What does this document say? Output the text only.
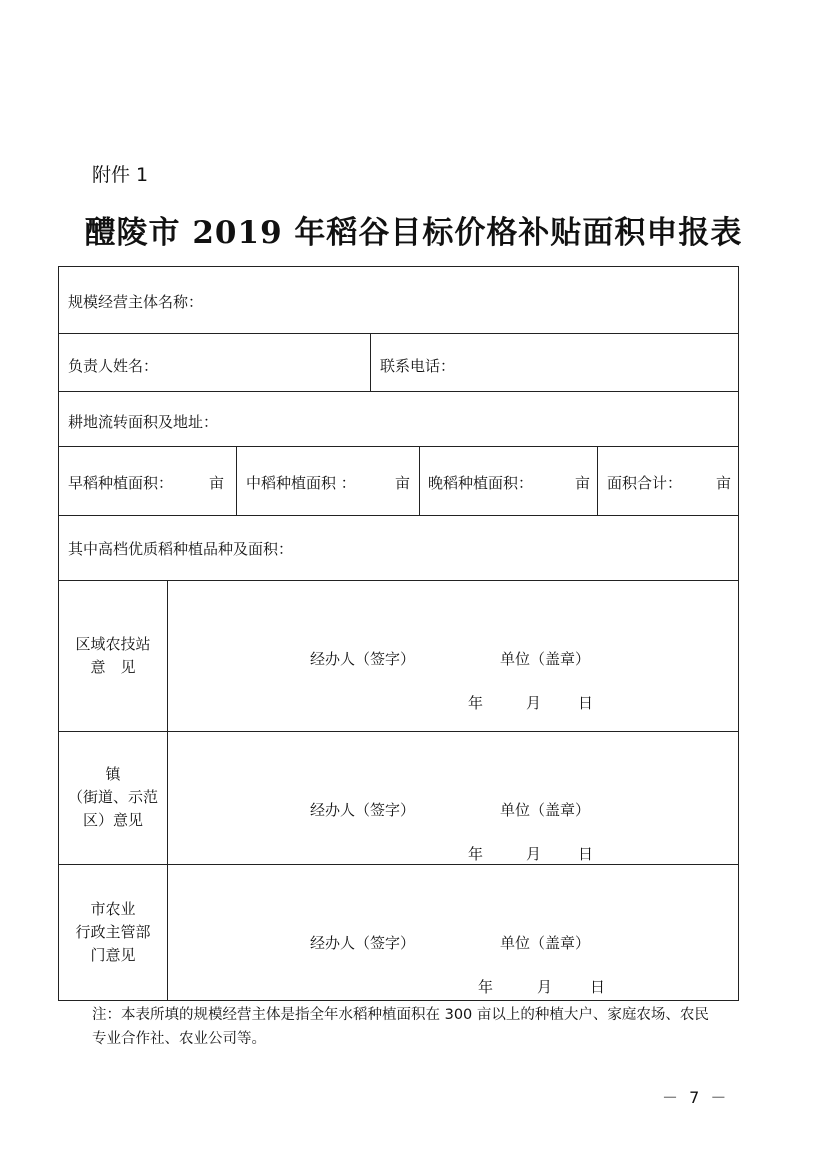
附件 1
醴陵市 2019 年稻谷目标价格补贴面积申报表
规模经营主体名称：
负责人姓名：	联系电话：
耕地流转面积及地址：
早稻种植面积： 亩 中稻种植面积 ：	亩 晚稻种植面积：	亩 面积合计： 亩
其中高档优质稻种植品种及面积：
区域农技站
意　见	经办人（签字）	单位（盖章）
年	月 日
镇
（街道、示范
区）意见
经办人（签字）	单位（盖章）
年	月 日
市农业
行政主管部
门意见
经办人（签字）	单位（盖章）
年	月	日
注：本表所填的规模经营主体是指全年水稻种植面积在 300 亩以上的种植大户、家庭农场、农民专业合作社、农业公司等。
－ 7 －
